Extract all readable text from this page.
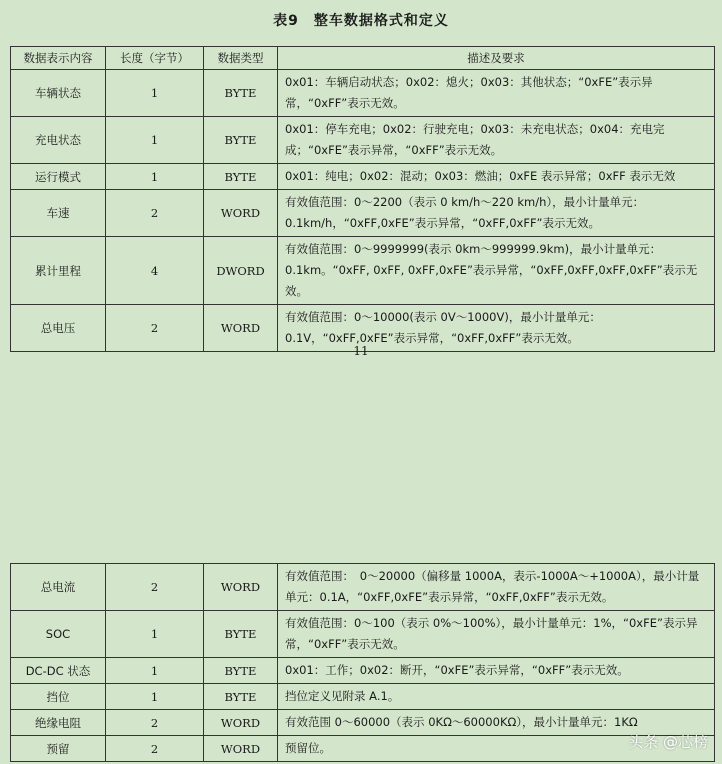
表9　整车数据格式和定义
数据表示内容	长度（字节）	数据类型	描述及要求
车辆状态	1	BYTE	0x01：车辆启动状态；0x02：熄火；0x03：其他状态；“0xFE”表示异常，“0xFF”表示无效。
充电状态	1	BYTE	0x01：停车充电；0x02：行驶充电；0x03：未充电状态；0x04：充电完成；“0xFE”表示异常，“0xFF”表示无效。
运行模式	1	BYTE	0x01：纯电；0x02：混动；0x03：燃油；0xFE 表示异常；0xFF 表示无效
车速	2	WORD	有效值范围：0～2200（表示 0 km/h～220 km/h），最小计量单元：0.1km/h，“0xFF,0xFE”表示异常，“0xFF,0xFF”表示无效。
累计里程	4	DWORD	有效值范围：0～9999999(表示 0km～999999.9km)，最小计量单元：0.1km。“0xFF, 0xFF, 0xFF,0xFE”表示异常，“0xFF,0xFF,0xFF,0xFF”表示无效。
总电压	2	WORD	有效值范围：0～10000(表示 0V～1000V)，最小计量单元：0.1V，“0xFF,0xFE”表示异常，“0xFF,0xFF”表示无效。
11
总电流	2	WORD	有效值范围：　0～20000（偏移量 1000A，表示-1000A～+1000A），最小计量单元：0.1A，“0xFF,0xFE”表示异常，“0xFF,0xFF”表示无效。
SOC	1	BYTE	有效值范围：0～100（表示 0%～100%），最小计量单元：1%，“0xFE”表示异常，“0xFF”表示无效。
DC-DC 状态	1	BYTE	0x01：工作；0x02：断开，“0xFE”表示异常，“0xFF”表示无效。
挡位	1	BYTE	挡位定义见附录 A.1。
绝缘电阻	2	WORD	有效范围 0～60000（表示 0KΩ～60000KΩ），最小计量单元：1KΩ
预留	2	WORD	预留位。	头条 @芯榜
